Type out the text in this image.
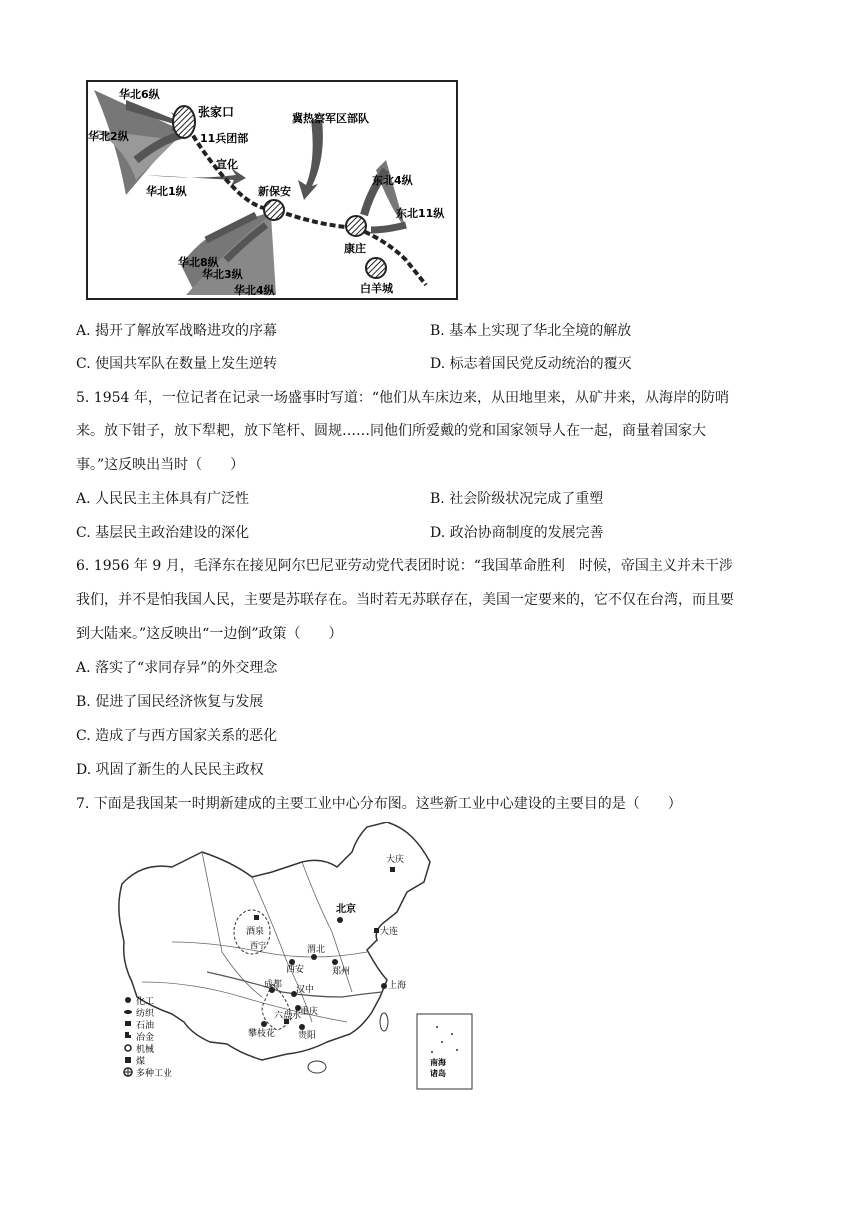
华北6纵
华北2纵
华北1纵
张家口
11兵团部
宣化
冀热察军区部队
新保安
华北8纵
华北3纵
华北4纵
东北4纵
东北11纵
康庄
白羊城
A. 揭开了解放军战略进攻的序幕	B. 基本上实现了华北全境的解放
C. 使国共军队在数量上发生逆转	D. 标志着国民党反动统治的覆灭
5. 1954 年，一位记者在记录一场盛事时写道：“他们从车床边来，从田地里来，从矿井来，从海岸的防哨
来。放下钳子，放下犁耙，放下笔杆、圆规……同他们所爱戴的党和国家领导人在一起，商量着国家大
事。”这反映出当时（　　）
A. 人民民主主体具有广泛性	B. 社会阶级状况完成了重塑
C. 基层民主政治建设的深化	D. 政治协商制度的发展完善
6. 1956 年 9 月，毛泽东在接见阿尔巴尼亚劳动党代表团时说：“我国革命胜利　时候，帝国主义并未干涉
我们，并不是怕我国人民，主要是苏联存在。当时若无苏联存在，美国一定要来的，它不仅在台湾，而且要
到大陆来。”这反映出“一边倒”政策（　　）
A. 落实了“求同存异”的外交理念
B. 促进了国民经济恢复与发展
C. 造成了与西方国家关系的恶化
D. 巩固了新生的人民民主政权
7. 下面是我国某一时期新建成的主要工业中心分布图。这些新工业中心建设的主要目的是（　　）
南海
诸岛
大庆
北京
大连
酒泉
西宁
西安
渭北
郑州
成都 汉中	上海
重庆
六盘水
攀枝花	贵阳
化工
纺织
石油
冶金
机械
煤
多种工业
